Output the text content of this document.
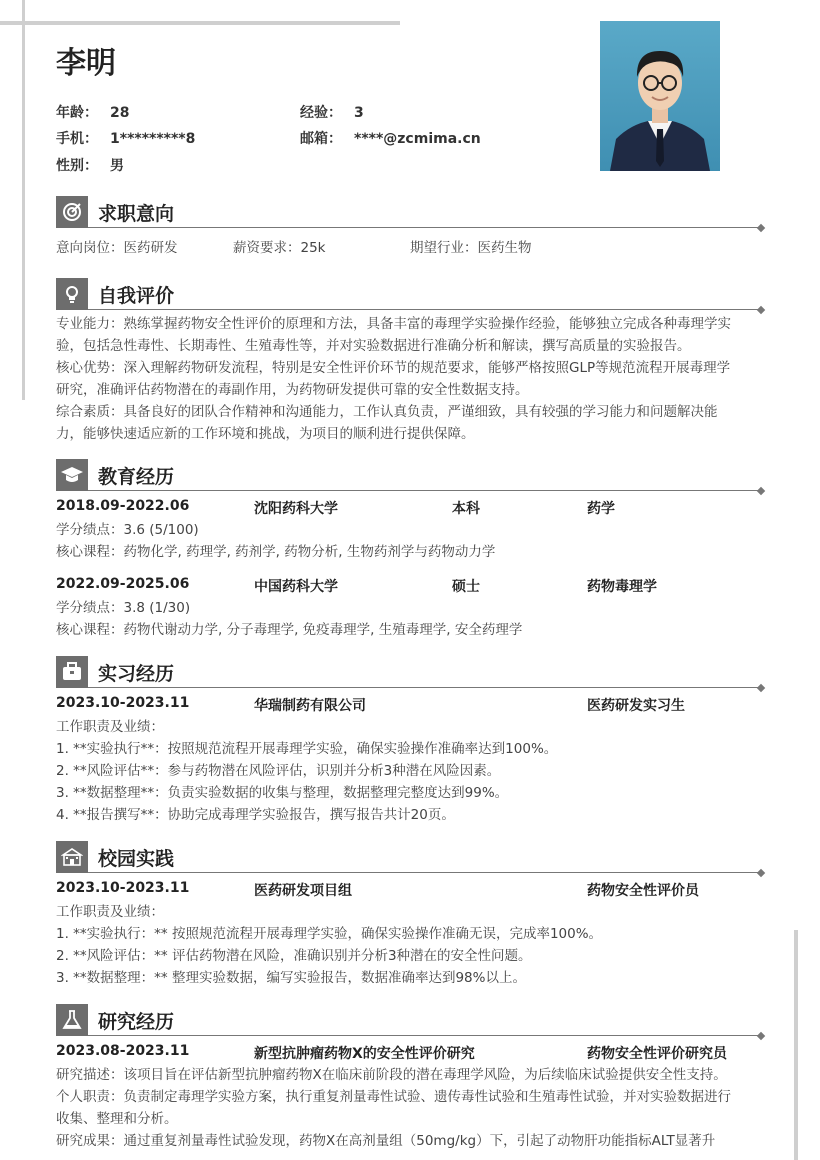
李明
年龄： 28	经验： 3
手机： 1*********8	邮箱： ****@zcmima.cn
性别： 男
求职意向
意向岗位：医药研发	薪资要求：25k	期望行业：医药生物
自我评价
专业能力：熟练掌握药物安全性评价的原理和方法，具备丰富的毒理学实验操作经验，能够独立完成各种毒理学实
验，包括急性毒性、长期毒性、生殖毒性等，并对实验数据进行准确分析和解读，撰写高质量的实验报告。
核心优势：深入理解药物研发流程，特别是安全性评价环节的规范要求，能够严格按照GLP等规范流程开展毒理学
研究，准确评估药物潜在的毒副作用，为药物研发提供可靠的安全性数据支持。
综合素质：具备良好的团队合作精神和沟通能力，工作认真负责，严谨细致，具有较强的学习能力和问题解决能
力，能够快速适应新的工作环境和挑战，为项目的顺利进行提供保障。
教育经历
2018.09-2022.06	沈阳药科大学	本科	药学
学分绩点：3.6 (5/100)
核心课程：药物化学, 药理学, 药剂学, 药物分析, 生物药剂学与药物动力学
2022.09-2025.06	中国药科大学	硕士	药物毒理学
学分绩点：3.8 (1/30)
核心课程：药物代谢动力学, 分子毒理学, 免疫毒理学, 生殖毒理学, 安全药理学
实习经历
2023.10-2023.11	华瑞制药有限公司	医药研发实习生
工作职责及业绩：
1. **实验执行**：按照规范流程开展毒理学实验，确保实验操作准确率达到100%。
2. **风险评估**：参与药物潜在风险评估，识别并分析3种潜在风险因素。
3. **数据整理**：负责实验数据的收集与整理，数据整理完整度达到99%。
4. **报告撰写**：协助完成毒理学实验报告，撰写报告共计20页。
校园实践
2023.10-2023.11	医药研发项目组	药物安全性评价员
工作职责及业绩：
1. **实验执行：** 按照规范流程开展毒理学实验，确保实验操作准确无误，完成率100%。
2. **风险评估：** 评估药物潜在风险，准确识别并分析3种潜在的安全性问题。
3. **数据整理：** 整理实验数据，编写实验报告，数据准确率达到98%以上。
研究经历
2023.08-2023.11	新型抗肿瘤药物X的安全性评价研究	药物安全性评价研究员
研究描述：该项目旨在评估新型抗肿瘤药物X在临床前阶段的潜在毒理学风险，为后续临床试验提供安全性支持。
个人职责：负责制定毒理学实验方案，执行重复剂量毒性试验、遗传毒性试验和生殖毒性试验，并对实验数据进行
收集、整理和分析。
研究成果：通过重复剂量毒性试验发现，药物X在高剂量组（50mg/kg）下，引起了动物肝功能指标ALT显著升
